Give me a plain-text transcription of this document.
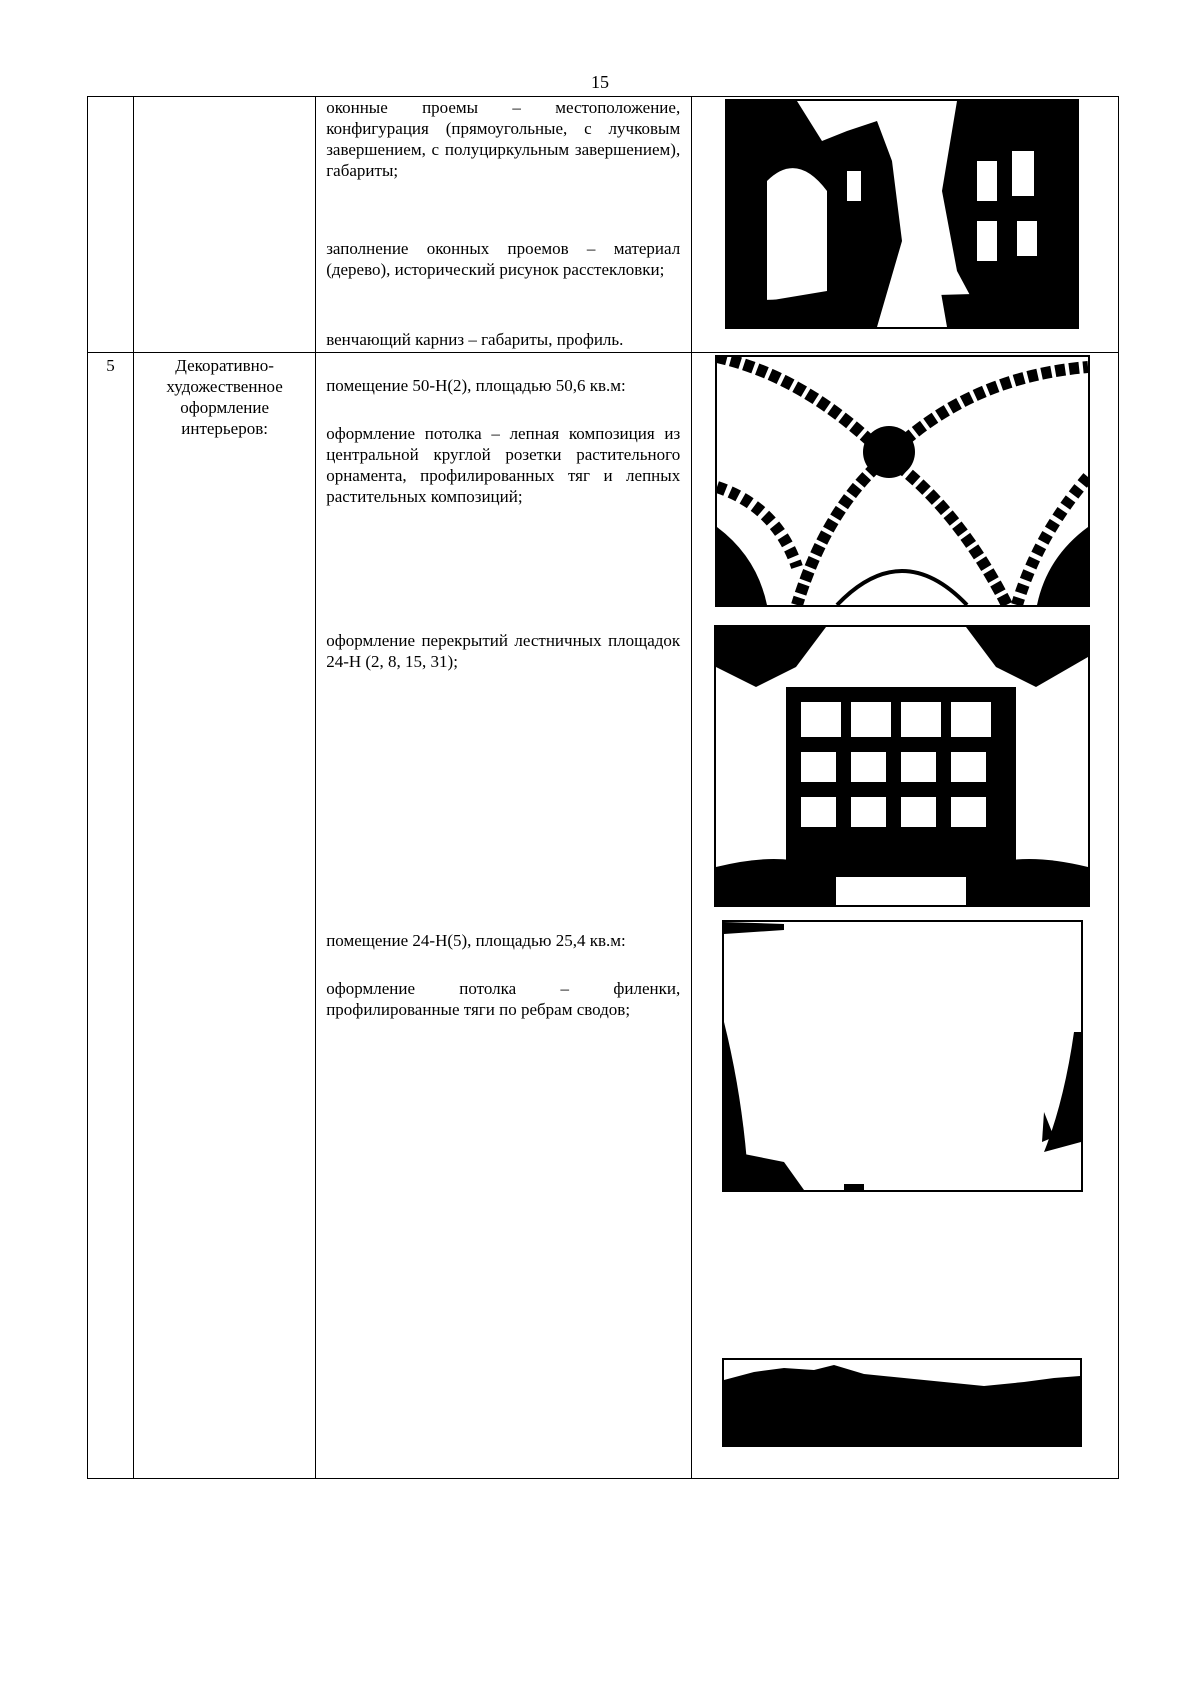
15

		оконные проемы – местоположение, конфигурация (прямоугольные, с лучковым завершением, с полуциркульным завершением), габариты;
заполнение оконных проемов – материал (дерево), исторический рисунок расстекловки;
венчающий карниз – габариты, профиль.

5	Декоративно-художественное оформление интерьеров:	помещение 50-Н(2), площадью 50,6 кв.м:
оформление потолка – лепная композиция из центральной круглой розетки растительного орнамента, профилированных тяг и лепных растительных композиций;
оформление перекрытий лестничных площадок 24-Н (2, 8, 15, 31);
помещение 24-Н(5), площадью 25,4 кв.м:
оформление потолка – филенки, профилированные тяги по ребрам сводов;
